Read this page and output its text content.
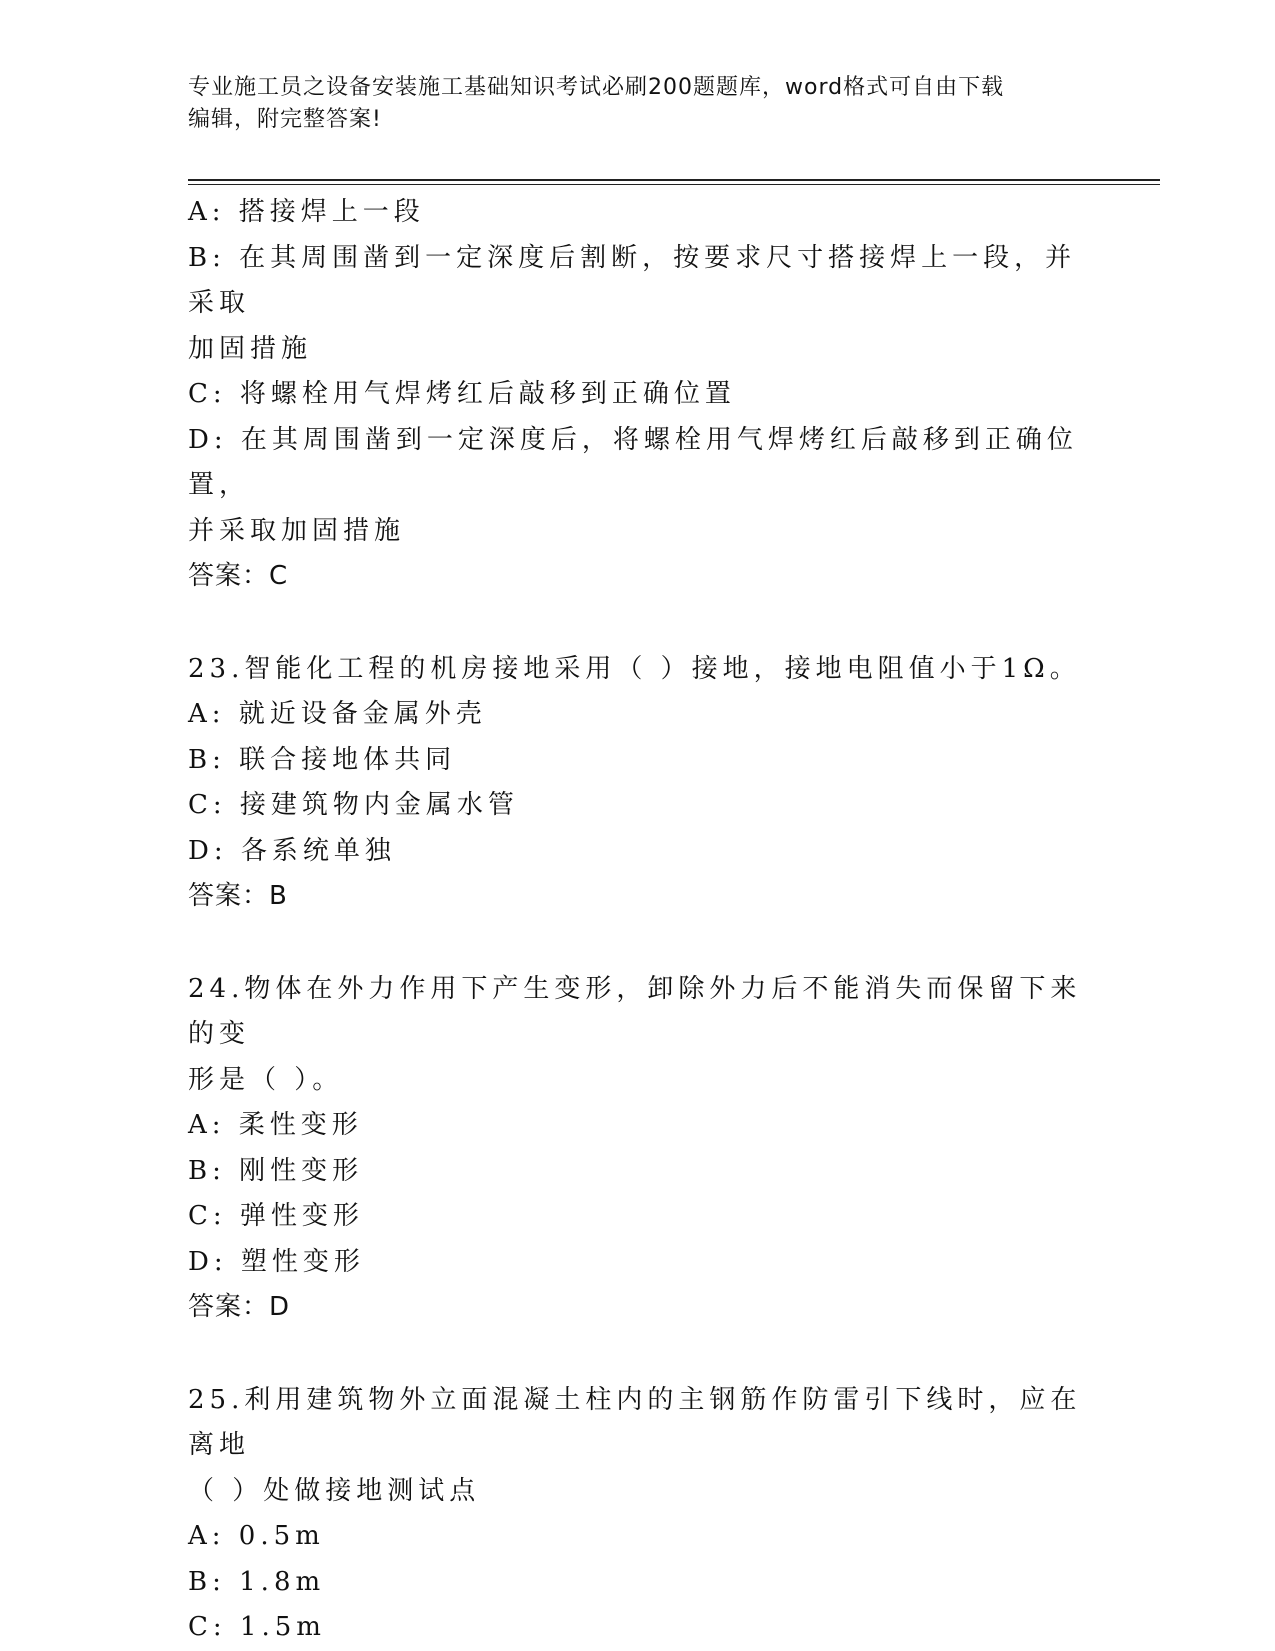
专业施工员之设备安装施工基础知识考试必刷200题题库，word格式可自由下载
编辑，附完整答案!
A: 搭接焊上一段
B: 在其周围凿到一定深度后割断，按要求尺寸搭接焊上一段，并采取
加固措施
C: 将螺栓用气焊烤红后敲移到正确位置
D: 在其周围凿到一定深度后，将螺栓用气焊烤红后敲移到正确位置，
并采取加固措施
答案：C
23.智能化工程的机房接地采用（ ）接地，接地电阻值小于1Ω。
A: 就近设备金属外壳
B: 联合接地体共同
C: 接建筑物内金属水管
D: 各系统单独
答案：B
24.物体在外力作用下产生变形，卸除外力后不能消失而保留下来的变
形是（ ）。
A: 柔性变形
B: 刚性变形
C: 弹性变形
D: 塑性变形
答案：D
25.利用建筑物外立面混凝土柱内的主钢筋作防雷引下线时，应在离地
（ ）处做接地测试点
A: 0.5m
B: 1.8m
C: 1.5m
